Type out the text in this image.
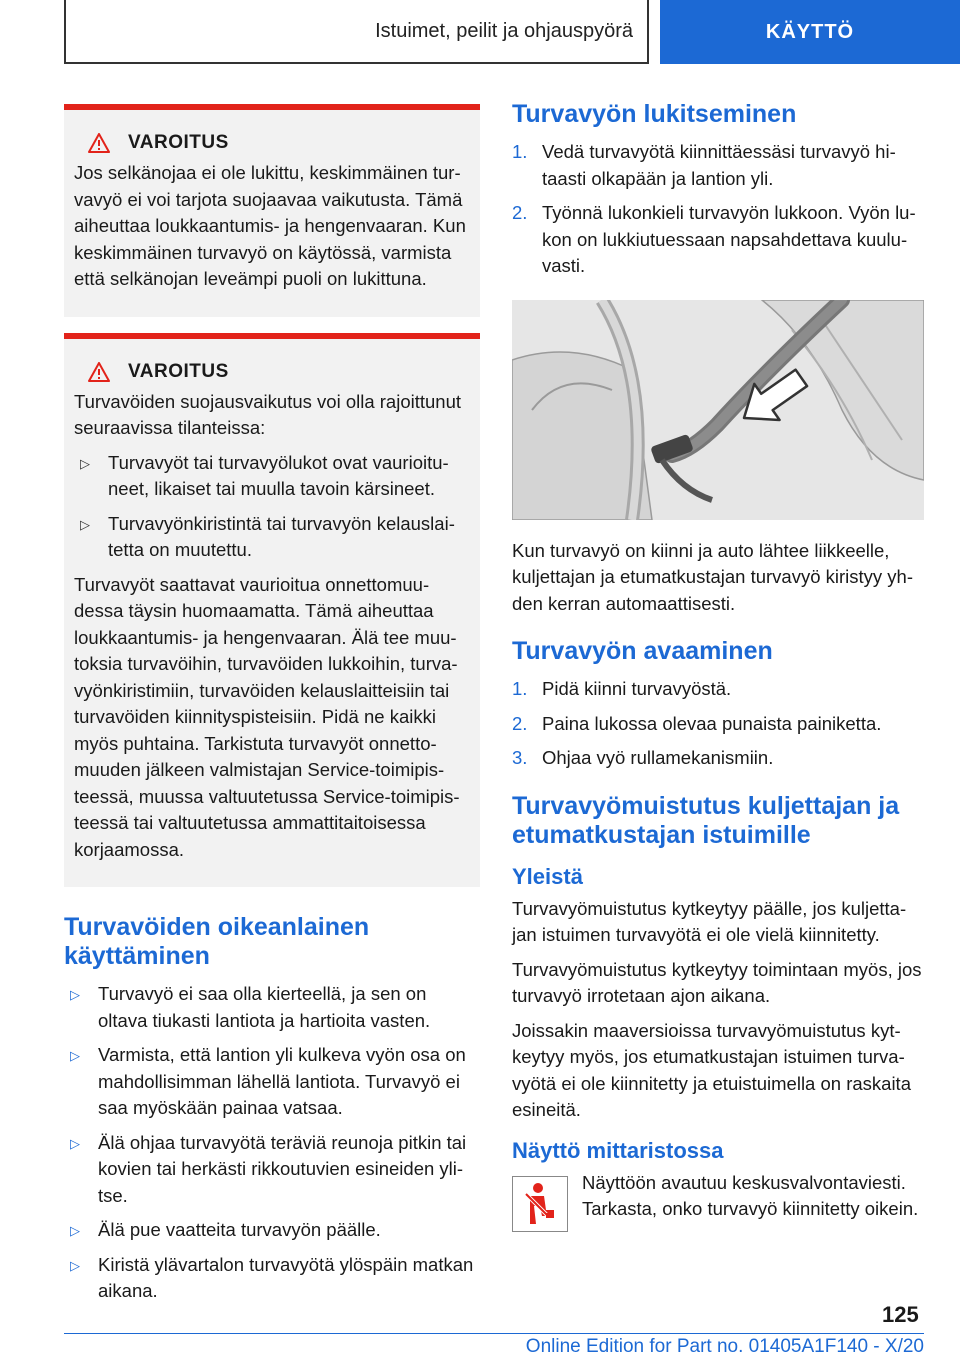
Istuimet, peilit ja ohjauspyörä	KÄYTTÖ
VAROITUS

Jos selkänojaa ei ole lukittu, keskimmäinen turvavyö ei voi tarjota suojaavaa vaikutusta. Tämä aiheuttaa loukkaantumis- ja hengenvaaran. Kun keskimmäinen turvavyö on käytössä, varmista että selkänojan leveämpi puoli on lukittuna.

VAROITUS

Turvavöiden suojausvaikutus voi olla rajoittunut seuraavissa tilanteissa:

▷ Turvavyöt tai turvavyölukot ovat vaurioituneet, likaiset tai muulla tavoin kärsineet.
▷ Turvavyönkiristintä tai turvavyön kelauslaitetta on muutettu.

Turvavyöt saattavat vaurioitua onnettomuudessa täysin huomaamatta. Tämä aiheuttaa loukkaantumis- ja hengenvaaran. Älä tee muutoksia turvavöihin, turvavöiden lukkoihin, turvavyönkiristimiin, turvavöiden kelauslaitteisiin tai turvavöiden kiinnityspisteisiin. Pidä ne kaikki myös puhtaina. Tarkistuta turvavyöt onnettomuuden jälkeen valmistajan Service-toimipisteessä, muussa valtuutetussa Service-toimipisteessä tai valtuutetussa ammattitaitoisessa korjaamossa.

Turvavöiden oikeanlainen käyttäminen
▷ Turvavyö ei saa olla kierteellä, ja sen on oltava tiukasti lantiota ja hartioita vasten.
▷ Varmista, että lantion yli kulkeva vyön osa on mahdollisimman lähellä lantiota. Turvavyö ei saa myöskään painaa vatsaa.
▷ Älä ohjaa turvavyötä teräviä reunoja pitkin tai kovien tai herkästi rikkoutuvien esineiden ylitse.
▷ Älä pue vaatteita turvavyön päälle.
▷ Kiristä ylävartalon turvavyötä ylöspäin matkan aikana.
Turvavyön lukitseminen
1. Vedä turvavyötä kiinnittäessäsi turvavyö hitaasti olkapään ja lantion yli.
2. Työnnä lukonkieli turvavyön lukkoon. Vyön lukon on lukkiutuessaan napsahdettava kuuluvasti.

Kun turvavyö on kiinni ja auto lähtee liikkeelle, kuljettajan ja etumatkustajan turvavyö kiristyy yhden kerran automaattisesti.

Turvavyön avaaminen
1. Pidä kiinni turvavyöstä.
2. Paina lukossa olevaa punaista painiketta.
3. Ohjaa vyö rullamekanismiin.
Turvavyömuistutus kuljettajan ja etumatkustajan istuimille
Yleistä

Turvavyömuistutus kytkeytyy päälle, jos kuljettajan istuimen turvavyötä ei ole vielä kiinnitetty.

Turvavyömuistutus kytkeytyy toimintaan myös, jos turvavyö irrotetaan ajon aikana.

Joissakin maaversioissa turvavyömuistutus kytkeytyy myös, jos etumatkustajan istuimen turvavyötä ei ole kiinnitetty ja etuistuimella on raskaita esineitä.

Näyttö mittaristossa

Näyttöön avautuu keskusvalvontaviesti. Tarkasta, onko turvavyö kiinnitetty oikein.

125
Online Edition for Part no. 01405A1F140 - X/20
